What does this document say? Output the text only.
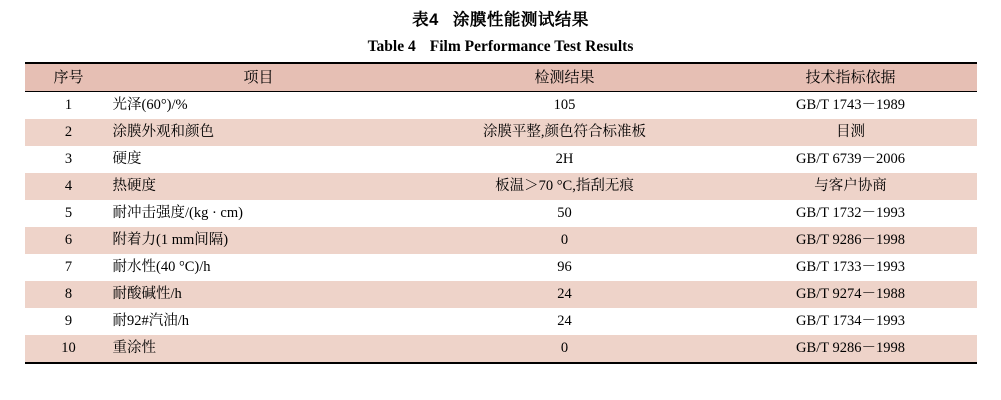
表4 涂膜性能测试结果
Table 4 Film Performance Test Results
序号	项目	检测结果	技术指标依据
1	光泽(60°)/%	105	GB/T 1743－1989
2	涂膜外观和颜色	涂膜平整,颜色符合标准板	目测
3	硬度	2H	GB/T 6739－2006
4	热硬度	板温＞70 °C,指刮无痕	与客户协商
5	耐冲击强度/(kg · cm)	50	GB/T 1732－1993
6	附着力(1 mm间隔)	0	GB/T 9286－1998
7	耐水性(40 °C)/h	96	GB/T 1733－1993
8	耐酸碱性/h	24	GB/T 9274－1988
9	耐92#汽油/h	24	GB/T 1734－1993
10	重涂性	0	GB/T 9286－1998
